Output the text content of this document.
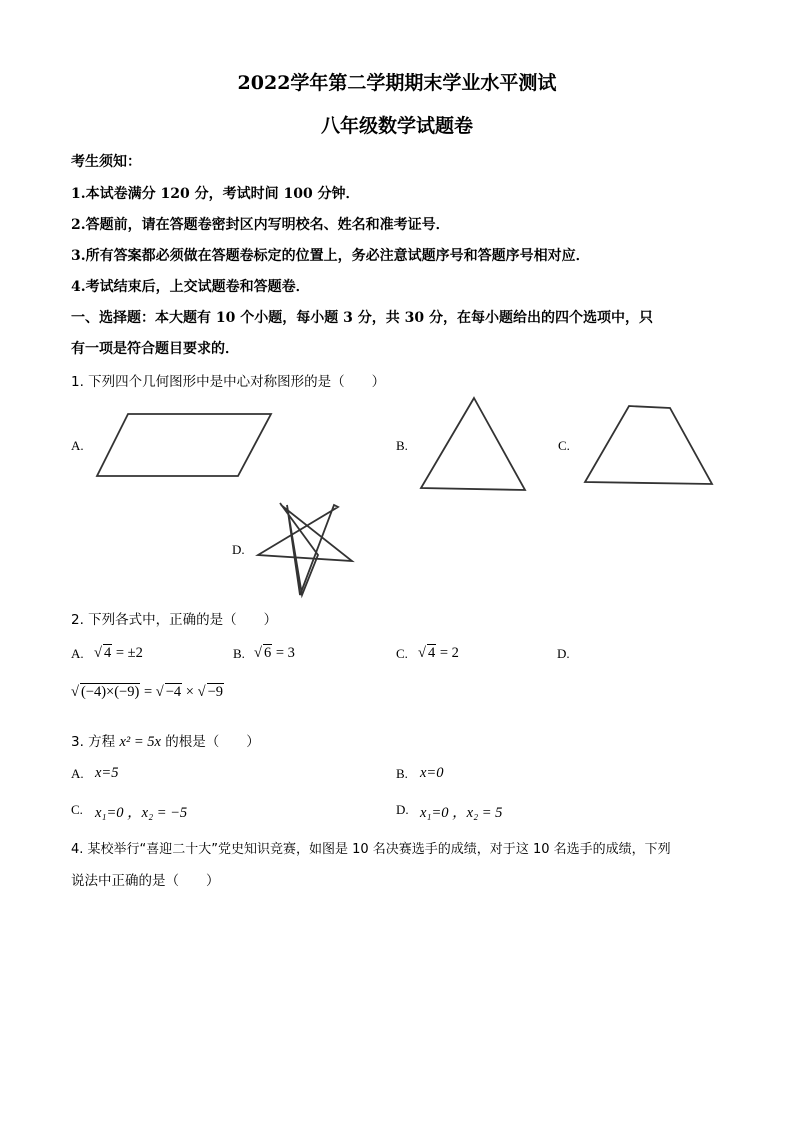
2022学年第二学期期末学业水平测试
八年级数学试题卷
考生须知：
1.本试卷满分 120 分，考试时间 100 分钟．
2.答题前，请在答题卷密封区内写明校名、姓名和准考证号．
3.所有答案都必须做在答题卷标定的位置上，务必注意试题序号和答题序号相对应．
4.考试结束后，上交试题卷和答题卷．
一、选择题：本大题有 10 个小题，每小题 3 分，共 30 分，在每小题给出的四个选项中，只
有一项是符合题目要求的．
1. 下列四个几何图形中是中心对称图形的是（　　）
A.	B.	C.
D.
2. 下列各式中，正确的是（　　）
A. √ 4 = ±2	B. √ 6 = 3	C. √ 4 = 2	D.
√ (−4)×(−9) = √ −4 × √ −9
3. 方程 x² = 5x 的根是（　　）
A. x=5	B. x=0
C. x₁=0 ，x₂ = −5	D. x₁=0 ，x₂ = 5
4. 某校举行“喜迎二十大”党史知识竞赛，如图是 10 名决赛选手的成绩，对于这 10 名选手的成绩，下列
说法中正确的是（　　）
